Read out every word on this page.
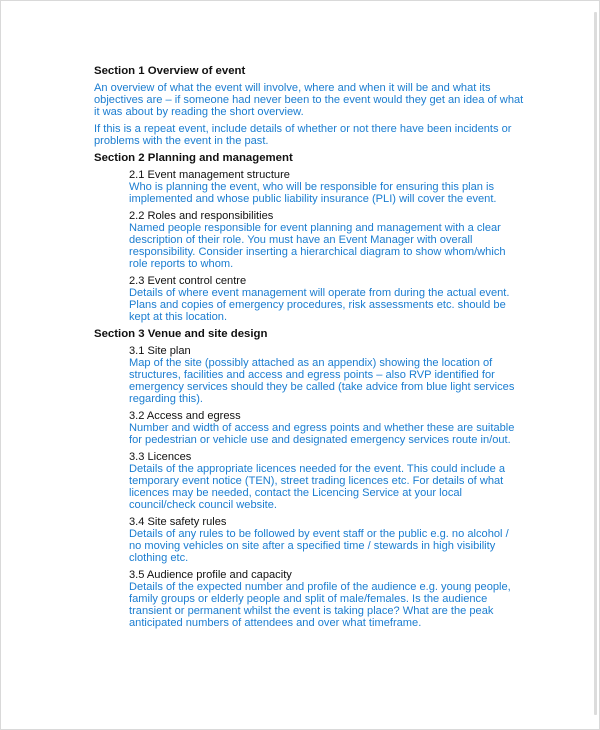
Section 1 Overview of event

An overview of what the event will involve, where and when it will be and what its objectives are – if someone had never been to the event would they get an idea of what it was about by reading the short overview.

If this is a repeat event, include details of whether or not there have been incidents or problems with the event in the past.

Section 2 Planning and management
2.1 Event management structure

Who is planning the event, who will be responsible for ensuring this plan is implemented and whose public liability insurance (PLI) will cover the event.

2.2 Roles and responsibilities

Named people responsible for event planning and management with a clear description of their role. You must have an Event Manager with overall responsibility. Consider inserting a hierarchical diagram to show whom/which role reports to whom.

2.3 Event control centre

Details of where event management will operate from during the actual event. Plans and copies of emergency procedures, risk assessments etc. should be kept at this location.

Section 3 Venue and site design
3.1 Site plan

Map of the site (possibly attached as an appendix) showing the location of structures, facilities and access and egress points – also RVP identified for emergency services should they be called (take advice from blue light services regarding this).

3.2 Access and egress

Number and width of access and egress points and whether these are suitable for pedestrian or vehicle use and designated emergency services route in/out.

3.3 Licences

Details of the appropriate licences needed for the event. This could include a temporary event notice (TEN), street trading licences etc. For details of what licences may be needed, contact the Licencing Service at your local council/check council website.

3.4 Site safety rules

Details of any rules to be followed by event staff or the public e.g. no alcohol / no moving vehicles on site after a specified time / stewards in high visibility clothing etc.

3.5 Audience profile and capacity

Details of the expected number and profile of the audience e.g. young people, family groups or elderly people and split of male/females. Is the audience transient or permanent whilst the event is taking place? What are the peak anticipated numbers of attendees and over what timeframe.
